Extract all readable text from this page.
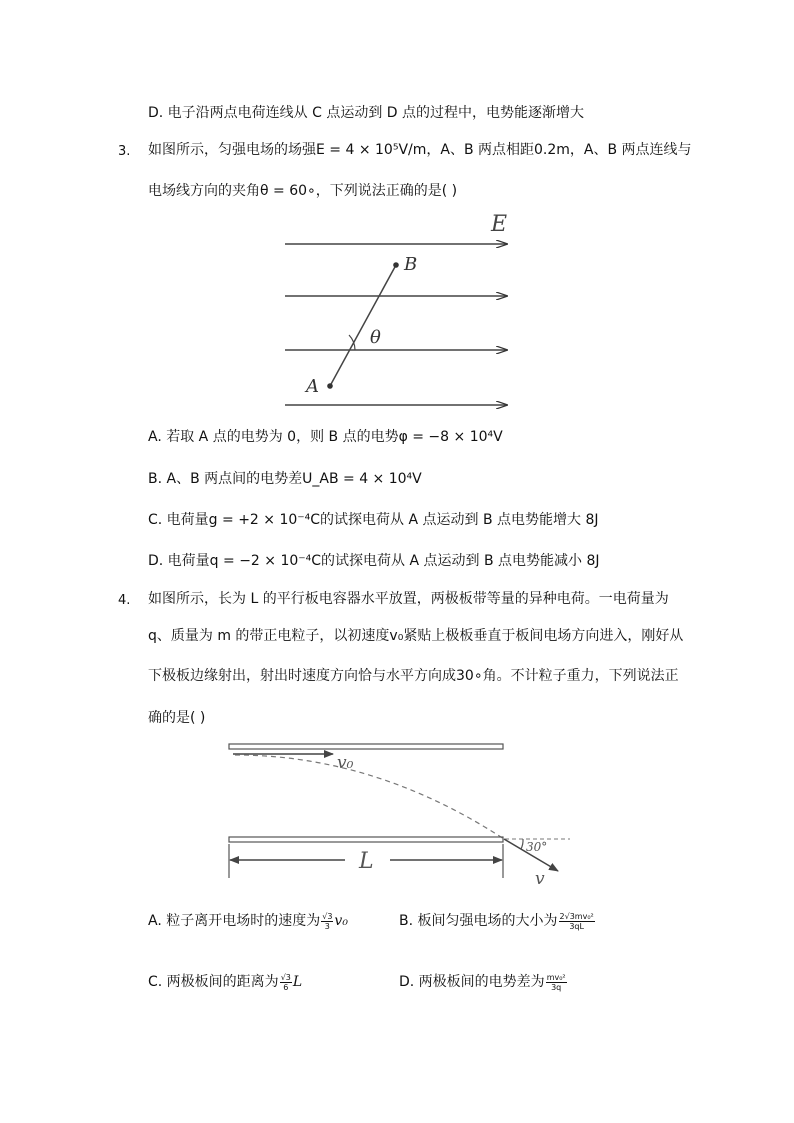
D. 电子沿两点电荷连线从 C 点运动到 D 点的过程中，电势能逐渐增大
3. 如图所示，匀强电场的场强E = 4 × 10⁵V/m，A、B 两点相距0.2m，A、B 两点连线与
电场线方向的夹角θ = 60∘，下列说法正确的是( )
E
B
A
θ
A. 若取 A 点的电势为 0，则 B 点的电势φ = −8 × 10⁴V
B. A、B 两点间的电势差U_AB = 4 × 10⁴V
C. 电荷量g = +2 × 10⁻⁴C的试探电荷从 A 点运动到 B 点电势能增大 8J
D. 电荷量q = −2 × 10⁻⁴C的试探电荷从 A 点运动到 B 点电势能减小 8J
4. 如图所示，长为 L 的平行板电容器水平放置，两极板带等量的异种电荷。一电荷量为
q、质量为 m 的带正电粒子，以初速度v₀紧贴上极板垂直于板间电场方向进入，刚好从
下极板边缘射出，射出时速度方向恰与水平方向成30∘角。不计粒子重力，下列说法正
确的是( )
v₀
L
30°
v
A. 粒子离开电场时的速度为 $\frac{√3}{3} v_0$	B. 板间匀强电场的大小为 $\frac{\text{2√3mv₀²}}{3qL}$
C. 两极板间的距离为 $\frac{√3}{6}$ L	D. 两极板间的电势差为 $\frac{\text{mv₀²}}{3q}$
